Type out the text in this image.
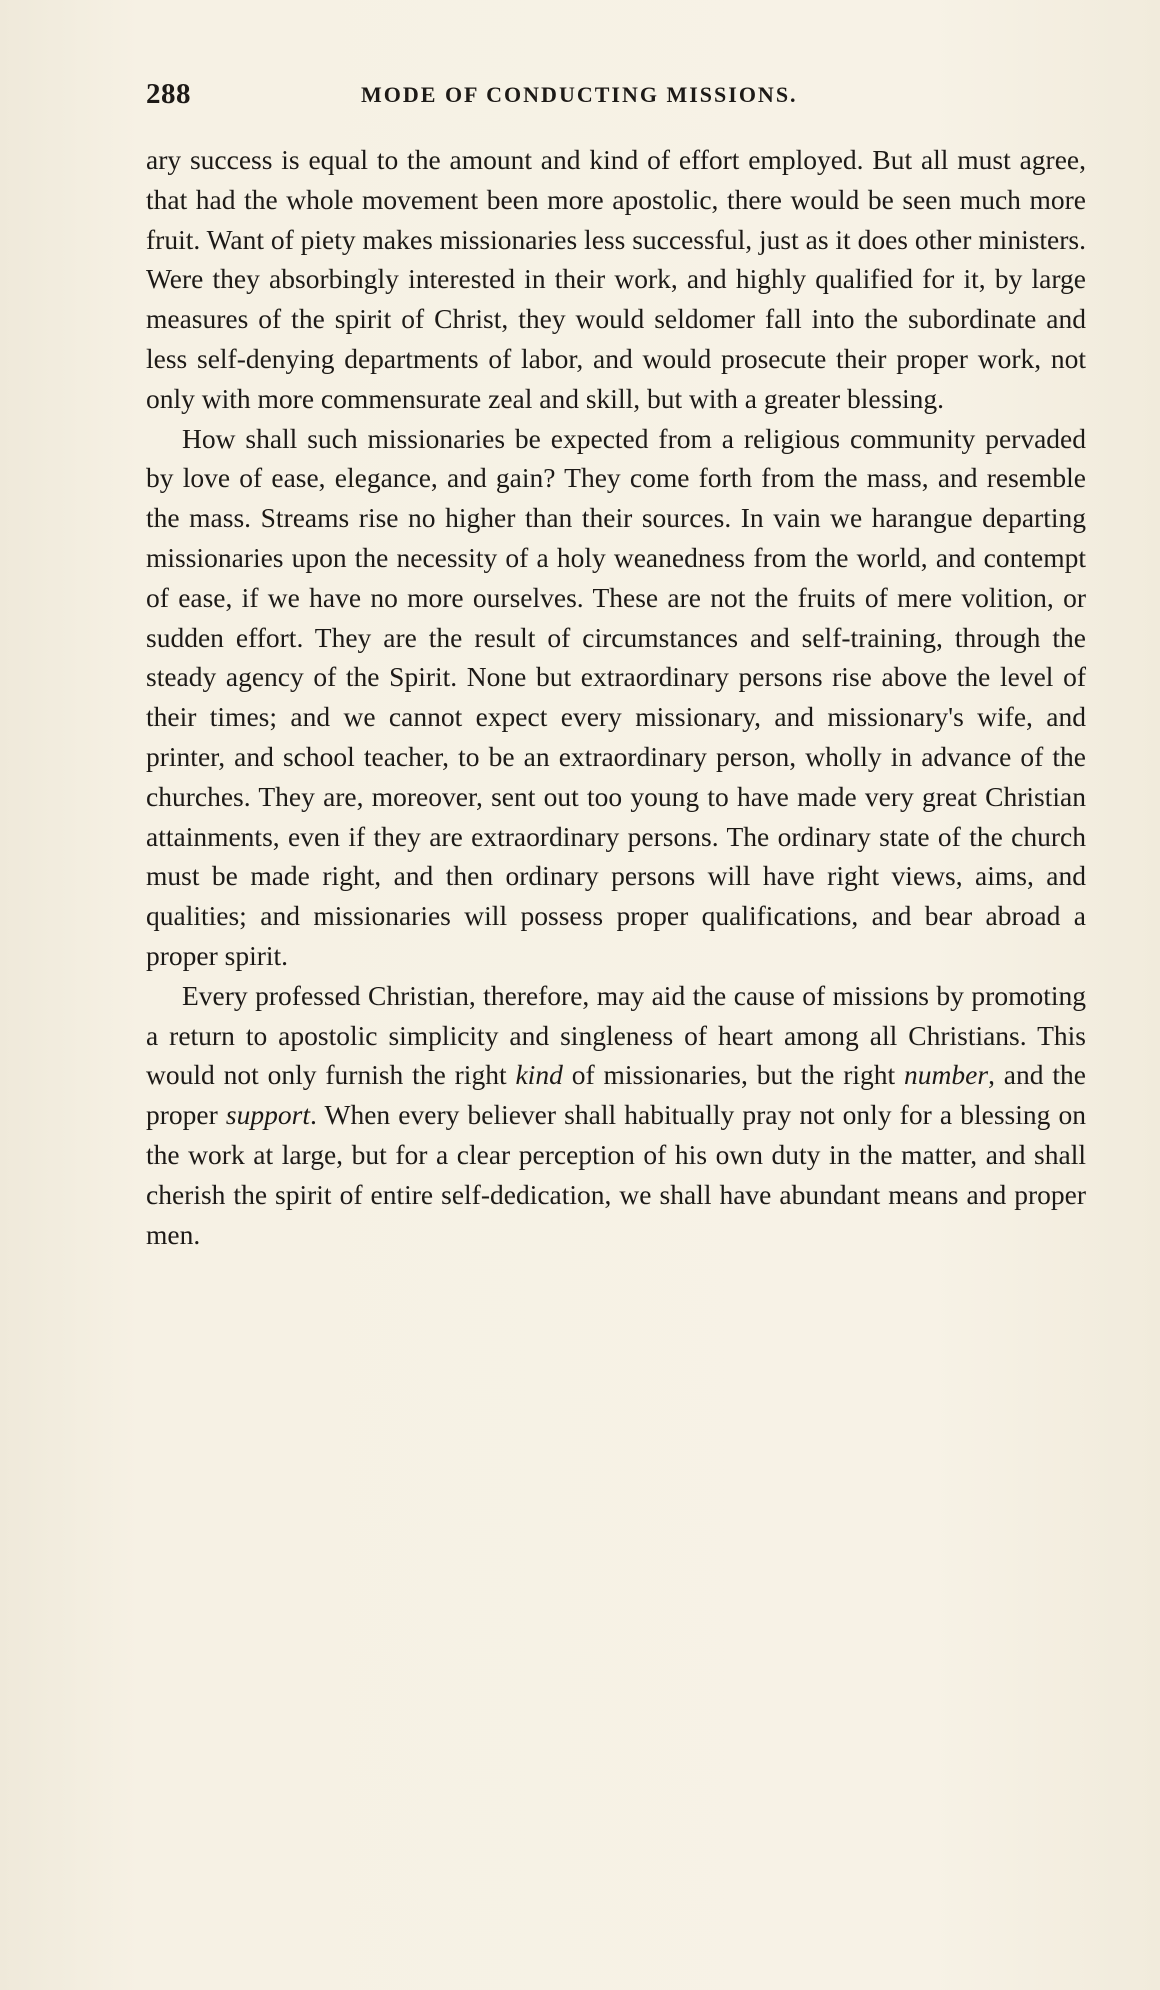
288	MODE OF CONDUCTING MISSIONS.

ary success is equal to the amount and kind of effort employed. But all must agree, that had the whole movement been more apostolic, there would be seen much more fruit. Want of piety makes missionaries less successful, just as it does other ministers. Were they absorbingly interested in their work, and highly qualified for it, by large measures of the spirit of Christ, they would seldomer fall into the subordinate and less self-denying departments of labor, and would prosecute their proper work, not only with more commensurate zeal and skill, but with a greater blessing.

How shall such missionaries be expected from a religious community pervaded by love of ease, elegance, and gain? They come forth from the mass, and resemble the mass. Streams rise no higher than their sources. In vain we harangue departing missionaries upon the necessity of a holy weanedness from the world, and contempt of ease, if we have no more ourselves. These are not the fruits of mere volition, or sudden effort. They are the result of circumstances and self-training, through the steady agency of the Spirit. None but extraordinary persons rise above the level of their times; and we cannot expect every missionary, and missionary's wife, and printer, and school teacher, to be an extraordinary person, wholly in advance of the churches. They are, moreover, sent out too young to have made very great Christian attainments, even if they are extraordinary persons. The ordinary state of the church must be made right, and then ordinary persons will have right views, aims, and qualities; and missionaries will possess proper qualifications, and bear abroad a proper spirit.

Every professed Christian, therefore, may aid the cause of missions by promoting a return to apostolic simplicity and singleness of heart among all Christians. This would not only furnish the right kind of missionaries, but the right number, and the proper support. When every believer shall habitually pray not only for a blessing on the work at large, but for a clear perception of his own duty in the matter, and shall cherish the spirit of entire self-dedication, we shall have abundant means and proper men.
